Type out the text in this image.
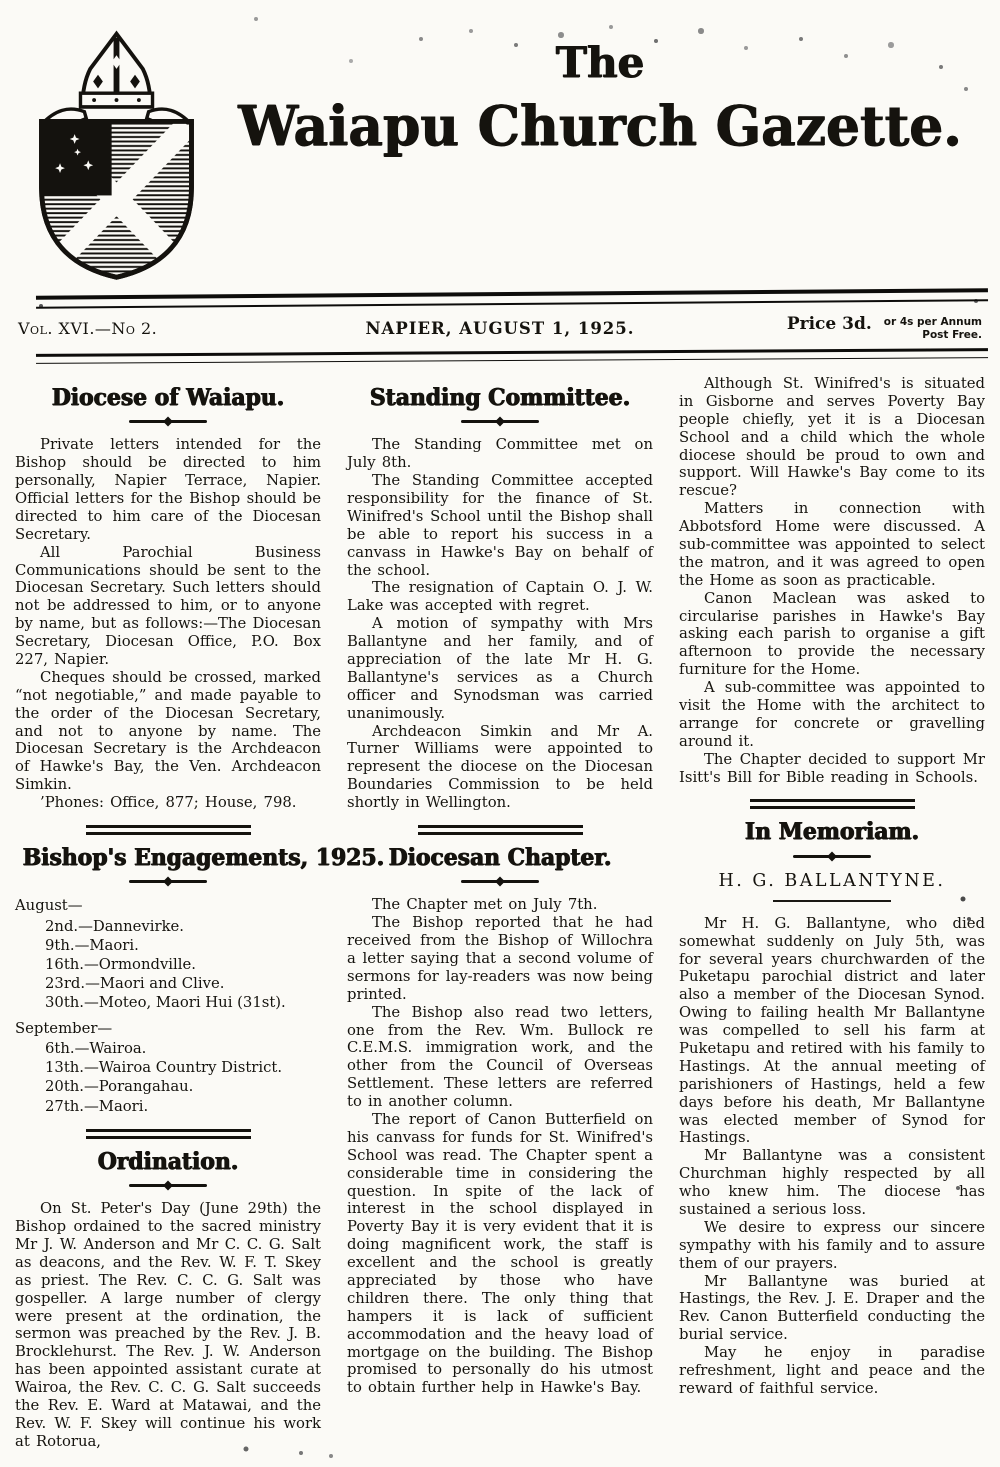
The
Waiapu Church Gazette.
Vol. XVI.—No 2.	NAPIER, AUGUST 1, 1925.	Price 3d. or 4s per Annum
Post Free.
Diocese of Waiapu.

Private letters intended for the Bishop should be directed to him personally, Napier Terrace, Napier. Official letters for the Bishop should be directed to him care of the Diocesan Secretary.

All Parochial Business Communications should be sent to the Diocesan Secretary. Such letters should not be addressed to him, or to anyone by name, but as follows:—The Diocesan Secretary, Diocesan Office, P.O. Box 227, Napier.

Cheques should be crossed, marked “not negotiable,” and made payable to the order of the Diocesan Secretary, and not to anyone by name. The Diocesan Secretary is the Archdeacon of Hawke's Bay, the Ven. Archdeacon Simkin.

’Phones: Office, 877; House, 798.

Bishop's Engagements, 1925.
August—
2nd.—Dannevirke.
9th.—Maori.
16th.—Ormondville.
23rd.—Maori and Clive.
30th.—Moteo, Maori Hui (31st).
September—
6th.—Wairoa.
13th.—Wairoa Country District.
20th.—Porangahau.
27th.—Maori.
Ordination.

On St. Peter's Day (June 29th) the Bishop ordained to the sacred ministry Mr J. W. Anderson and Mr C. C. G. Salt as deacons, and the Rev. W. F. T. Skey as priest. The Rev. C. C. G. Salt was gospeller. A large number of clergy were present at the ordination, the sermon was preached by the Rev. J. B. Brocklehurst. The Rev. J. W. Anderson has been appointed assistant curate at Wairoa, the Rev. C. C. G. Salt succeeds the Rev. E. Ward at Matawai, and the Rev. W. F. Skey will continue his work at Rotorua,

Standing Committee.

The Standing Committee met on July 8th.

The Standing Committee accepted responsibility for the finance of St. Winifred's School until the Bishop shall be able to report his success in a canvass in Hawke's Bay on behalf of the school.

The resignation of Captain O. J. W. Lake was accepted with regret.

A motion of sympathy with Mrs Ballantyne and her family, and of appreciation of the late Mr H. G. Ballantyne's services as a Church officer and Synodsman was carried unanimously.

Archdeacon Simkin and Mr A. Turner Williams were appointed to represent the diocese on the Diocesan Boundaries Commission to be held shortly in Wellington.

Diocesan Chapter.

The Chapter met on July 7th.

The Bishop reported that he had received from the Bishop of Willochra a letter saying that a second volume of sermons for lay-readers was now being printed.

The Bishop also read two letters, one from the Rev. Wm. Bullock re C.E.M.S. immigration work, and the other from the Council of Overseas Settlement. These letters are referred to in another column.

The report of Canon Butterfield on his canvass for funds for St. Winifred's School was read. The Chapter spent a considerable time in considering the question. In spite of the lack of interest in the school displayed in Poverty Bay it is very evident that it is doing magnificent work, the staff is excellent and the school is greatly appreciated by those who have children there. The only thing that hampers it is lack of sufficient accommodation and the heavy load of mortgage on the building. The Bishop promised to personally do his utmost to obtain further help in Hawke's Bay.

Although St. Winifred's is situated in Gisborne and serves Poverty Bay people chiefly, yet it is a Diocesan School and a child which the whole diocese should be proud to own and support. Will Hawke's Bay come to its rescue?

Matters in connection with Abbotsford Home were discussed. A sub-committee was appointed to select the matron, and it was agreed to open the Home as soon as practicable.

Canon Maclean was asked to circularise parishes in Hawke's Bay asking each parish to organise a gift afternoon to provide the necessary furniture for the Home.

A sub-committee was appointed to visit the Home with the architect to arrange for concrete or gravelling around it.

The Chapter decided to support Mr Isitt's Bill for Bible reading in Schools.

In Memoriam.
H. G. BALLANTYNE.

Mr H. G. Ballantyne, who died somewhat suddenly on July 5th, was for several years churchwarden of the Puketapu parochial district and later also a member of the Diocesan Synod. Owing to failing health Mr Ballantyne was compelled to sell his farm at Puketapu and retired with his family to Hastings. At the annual meeting of parishioners of Hastings, held a few days before his death, Mr Ballantyne was elected member of Synod for Hastings.

Mr Ballantyne was a consistent Churchman highly respected by all who knew him. The diocese has sustained a serious loss.

We desire to express our sincere sympathy with his family and to assure them of our prayers.

Mr Ballantyne was buried at Hastings, the Rev. J. E. Draper and the Rev. Canon Butterfield conducting the burial service.

May he enjoy in paradise refreshment, light and peace and the reward of faithful service.
